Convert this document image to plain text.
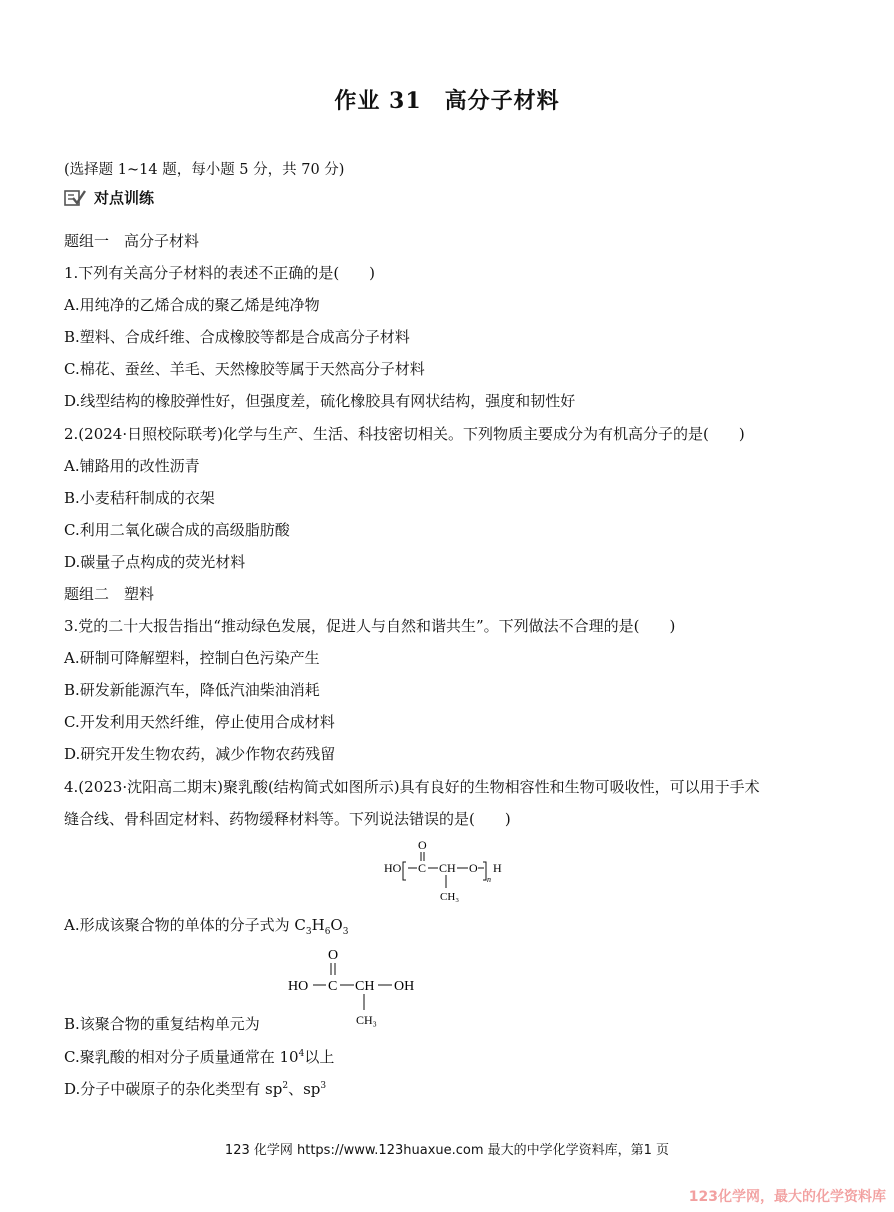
作业 31　高分子材料
(选择题 1~14 题，每小题 5 分，共 70 分)
对点训练
题组一　高分子材料
1.下列有关高分子材料的表述不正确的是(　　)
A.用纯净的乙烯合成的聚乙烯是纯净物
B.塑料、合成纤维、合成橡胶等都是合成高分子材料
C.棉花、蚕丝、羊毛、天然橡胶等属于天然高分子材料
D.线型结构的橡胶弹性好，但强度差，硫化橡胶具有网状结构，强度和韧性好
2.(2024·日照校际联考)化学与生产、生活、科技密切相关。下列物质主要成分为有机高分子的是(　　)
A.铺路用的改性沥青
B.小麦秸秆制成的衣架
C.利用二氧化碳合成的高级脂肪酸
D.碳量子点构成的荧光材料
题组二　塑料
3.党的二十大报告指出“推动绿色发展，促进人与自然和谐共生”。下列做法不合理的是(　　)
A.研制可降解塑料，控制白色污染产生
B.研发新能源汽车，降低汽油柴油消耗
C.开发利用天然纤维，停止使用合成材料
D.研究开发生物农药，减少作物农药残留
4.(2023·沈阳高二期末)聚乳酸(结构简式如图所示)具有良好的生物相容性和生物可吸收性，可以用于手术
缝合线、骨科固定材料、药物缓释材料等。下列说法错误的是(　　)
HO
O
C CH
CH₃
O
n
H
A.形成该聚合物的单体的分子式为 $C_3H_6O_3$
HO
O
C CH
CH₃
OH
B.该聚合物的重复结构单元为
C.聚乳酸的相对分子质量通常在 $10^4$以上
D.分子中碳原子的杂化类型有 $sp^2$、$sp^3$
123 化学网 https://www.123huaxue.com 最大的中学化学资料库，第1 页
123化学网，最大的化学资料库
